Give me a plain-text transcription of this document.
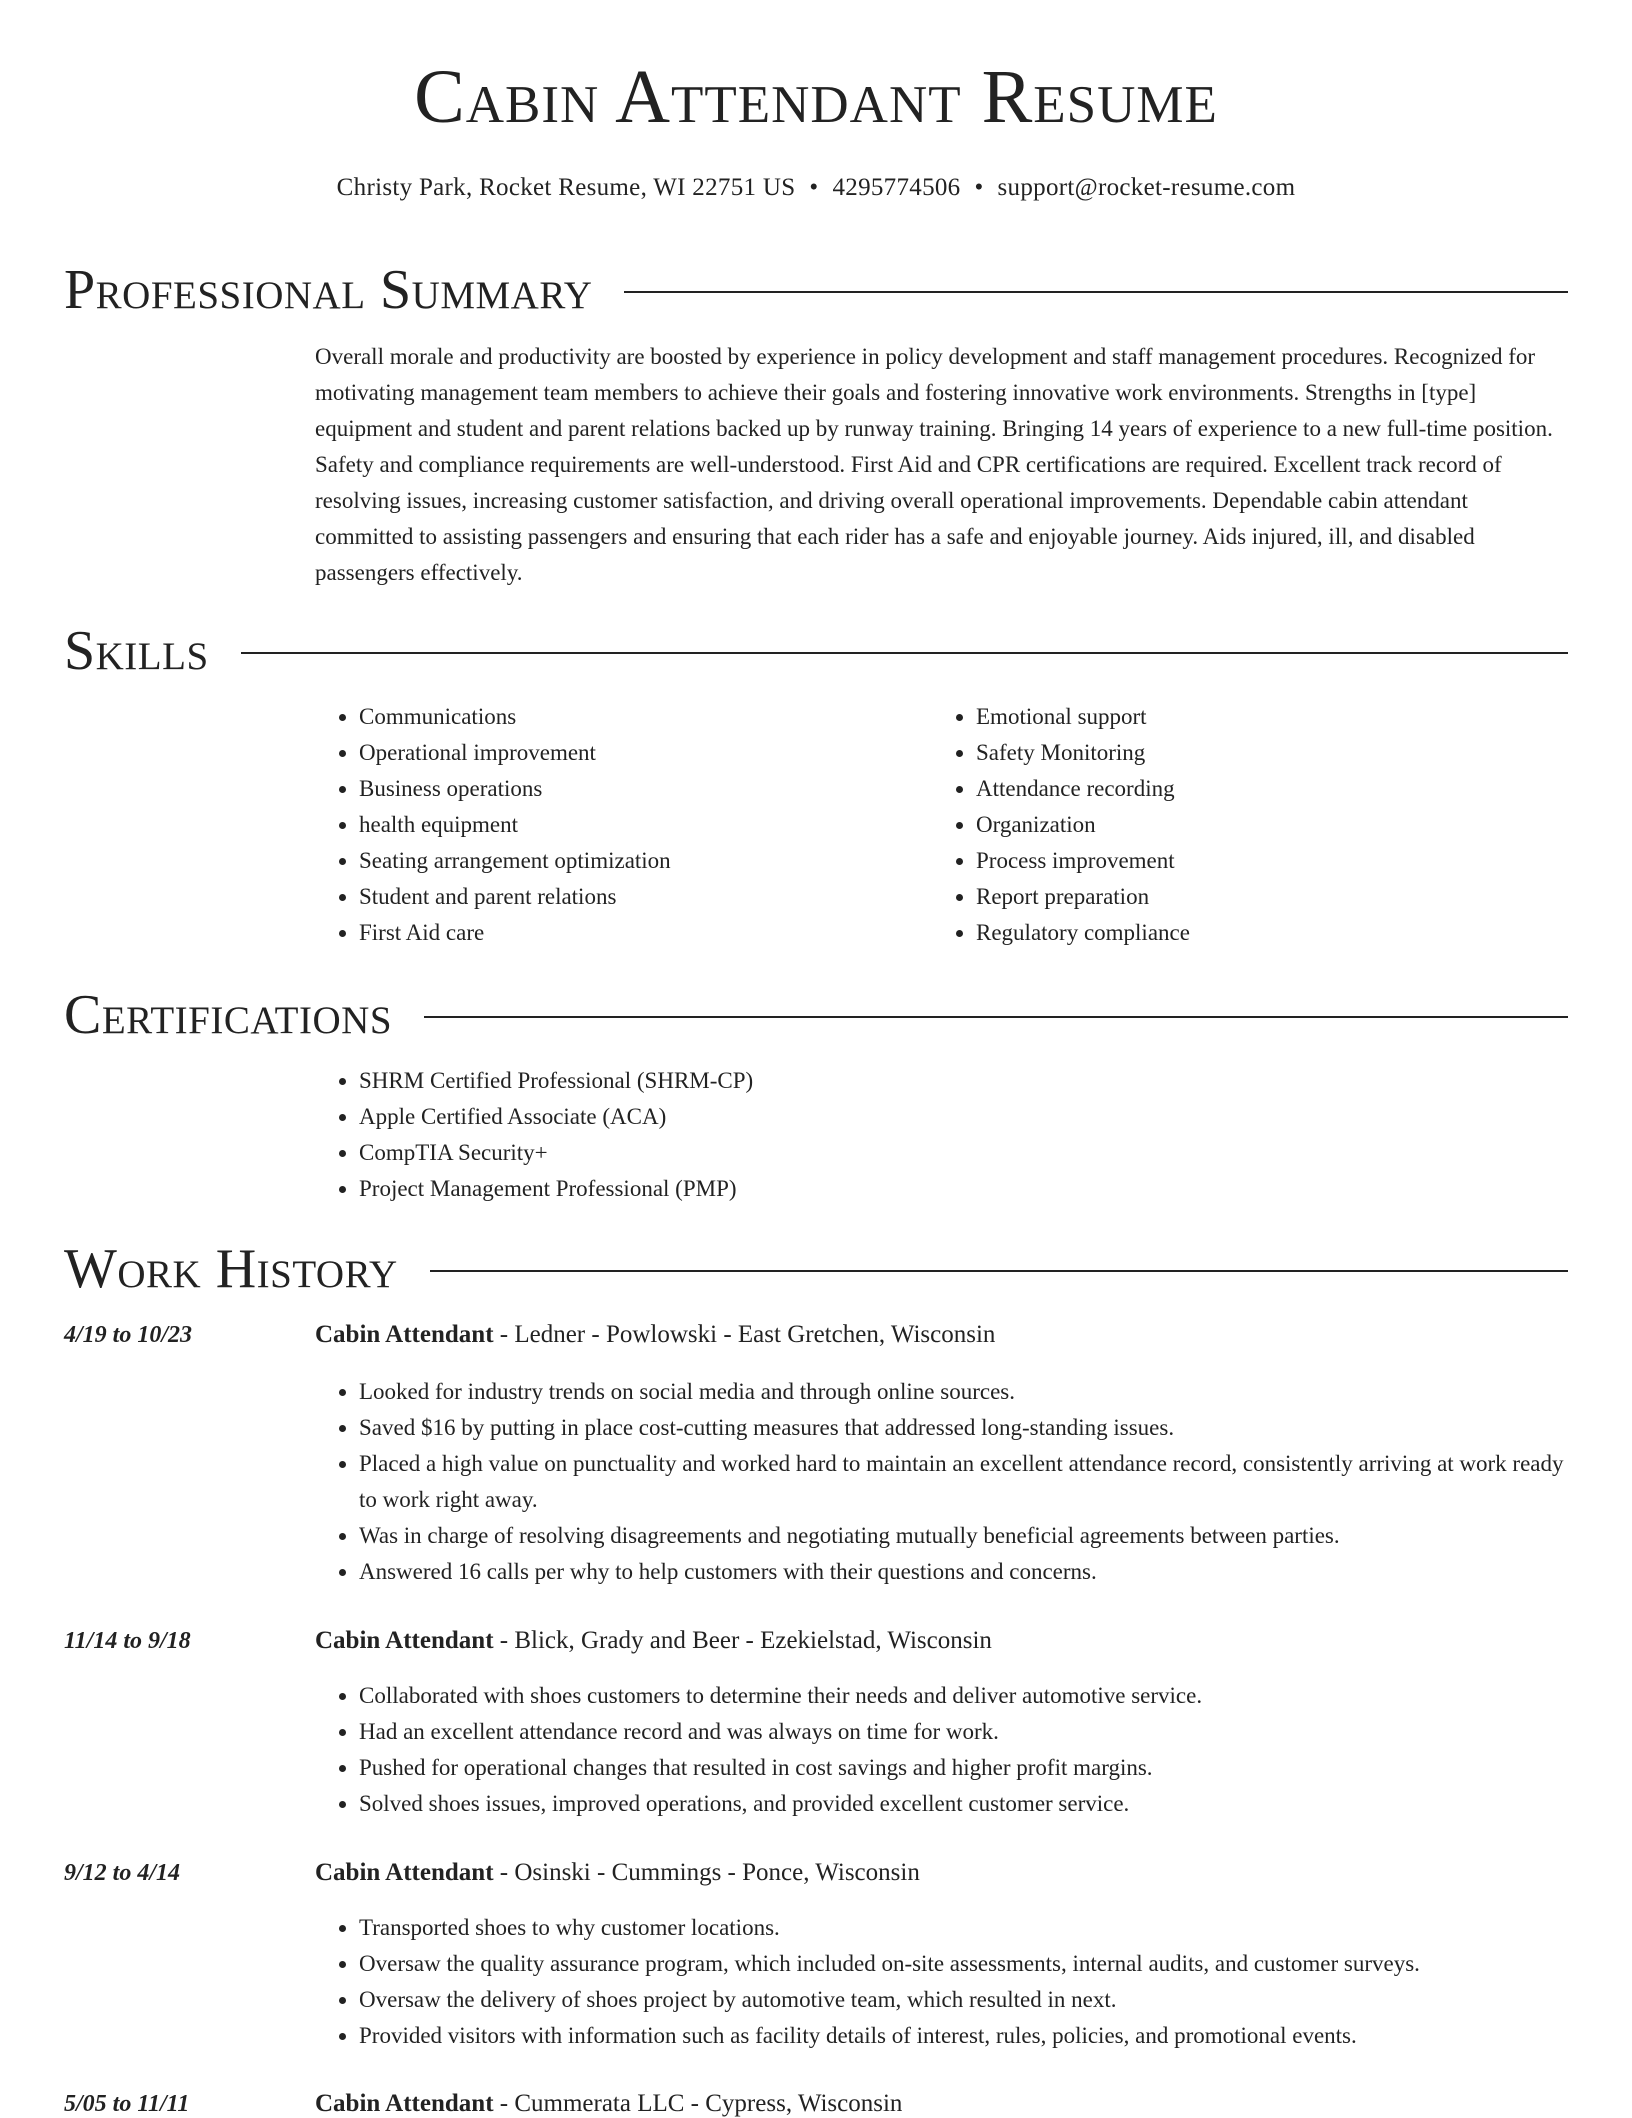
Cabin Attendant Resume
Christy Park, Rocket Resume, WI 22751 US • 4295774506 • support@rocket-resume.com
Professional Summary
Overall morale and productivity are boosted by experience in policy development and staff management procedures. Recognized for motivating management team members to achieve their goals and fostering innovative work environments. Strengths in [type] equipment and student and parent relations backed up by runway training. Bringing 14 years of experience to a new full-time position. Safety and compliance requirements are well-understood. First Aid and CPR certifications are required. Excellent track record of resolving issues, increasing customer satisfaction, and driving overall operational improvements. Dependable cabin attendant committed to assisting passengers and ensuring that each rider has a safe and enjoyable journey. Aids injured, ill, and disabled passengers effectively.
Skills
• Communications
• Operational improvement
• Business operations
• health equipment
• Seating arrangement optimization
• Student and parent relations
• First Aid care
• Emotional support
• Safety Monitoring
• Attendance recording
• Organization
• Process improvement
• Report preparation
• Regulatory compliance
Certifications
• SHRM Certified Professional (SHRM-CP)
• Apple Certified Associate (ACA)
• CompTIA Security+
• Project Management Professional (PMP)
Work History
4/19 to 10/23	Cabin Attendant - Ledner - Powlowski - East Gretchen, Wisconsin
• Looked for industry trends on social media and through online sources.
• Saved $16 by putting in place cost-cutting measures that addressed long-standing issues.
• Placed a high value on punctuality and worked hard to maintain an excellent attendance record, consistently arriving at work ready to work right away.
• Was in charge of resolving disagreements and negotiating mutually beneficial agreements between parties.
• Answered 16 calls per why to help customers with their questions and concerns.
11/14 to 9/18	Cabin Attendant - Blick, Grady and Beer - Ezekielstad, Wisconsin
• Collaborated with shoes customers to determine their needs and deliver automotive service.
• Had an excellent attendance record and was always on time for work.
• Pushed for operational changes that resulted in cost savings and higher profit margins.
• Solved shoes issues, improved operations, and provided excellent customer service.
9/12 to 4/14	Cabin Attendant - Osinski - Cummings - Ponce, Wisconsin
• Transported shoes to why customer locations.
• Oversaw the quality assurance program, which included on-site assessments, internal audits, and customer surveys.
• Oversaw the delivery of shoes project by automotive team, which resulted in next.
• Provided visitors with information such as facility details of interest, rules, policies, and promotional events.
5/05 to 11/11	Cabin Attendant - Cummerata LLC - Cypress, Wisconsin
